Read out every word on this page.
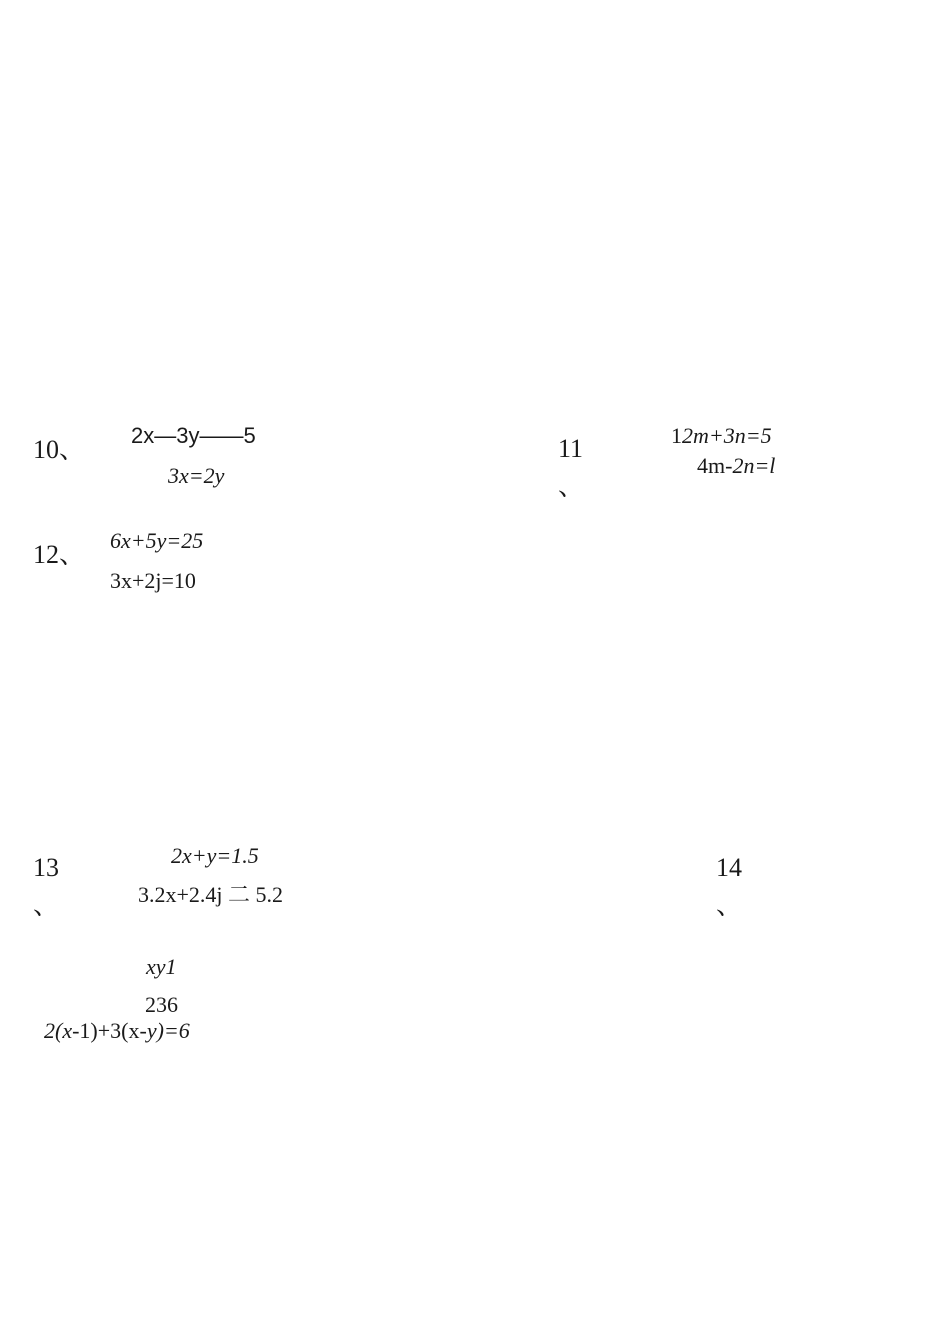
10、 2x—3y——5
3x=2y
11
、
12m+3n=5
4m-2n=l
12、 6x+5y=25
3x+2j=10
13
、
2x+y=1.5
3.2x+2.4j 二 5.2
14
、
xy1
236
2(x-1)+3(x-y)=6
